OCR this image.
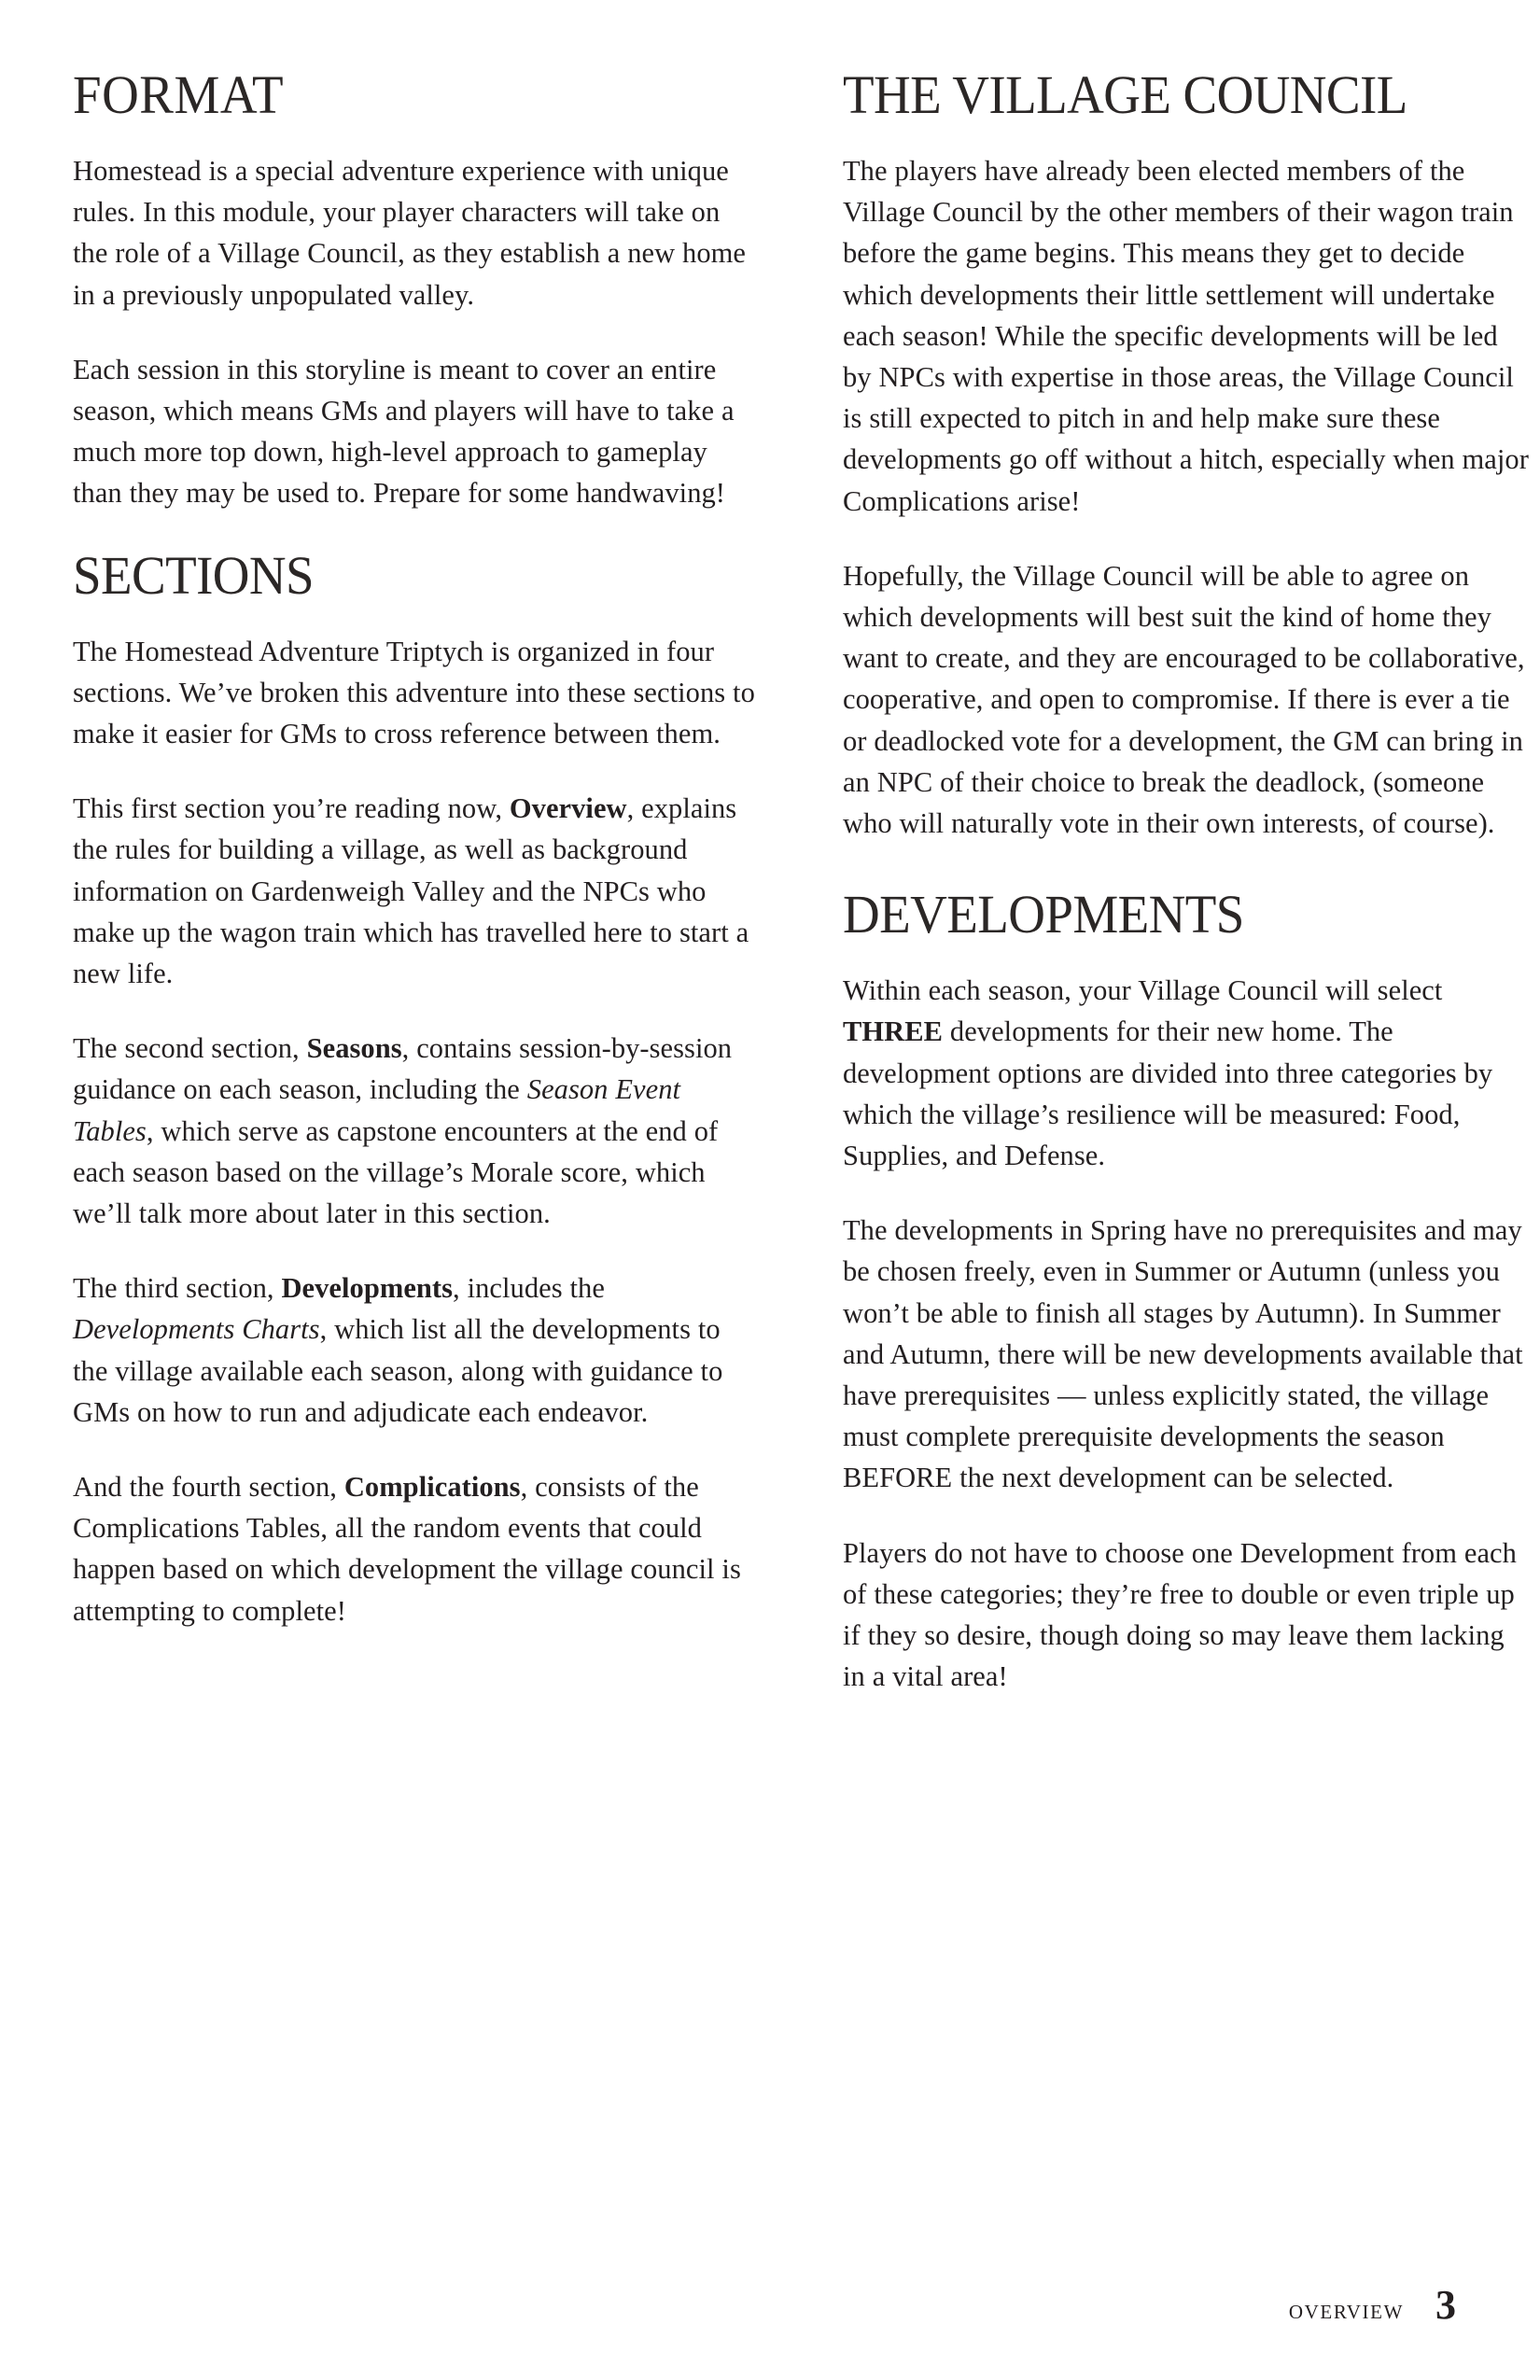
FORMAT

Homestead is a special adventure experience with unique rules. In this module, your player characters will take on the role of a Village Council, as they establish a new home in a previously unpopulated valley.

Each session in this storyline is meant to cover an entire season, which means GMs and players will have to take a much more top down, high-level approach to gameplay than they may be used to. Prepare for some handwaving!

SECTIONS

The Homestead Adventure Triptych is organized in four sections. We’ve broken this adventure into these sections to make it easier for GMs to cross reference between them.

This first section you’re reading now, Overview, explains the rules for building a village, as well as background information on Gardenweigh Valley and the NPCs who make up the wagon train which has travelled here to start a new life.

The second section, Seasons, contains session-by-session guidance on each season, including the Season Event Tables, which serve as capstone encounters at the end of each season based on the village’s Morale score, which we’ll talk more about later in this section.

The third section, Developments, includes the Developments Charts, which list all the developments to the village available each season, along with guidance to GMs on how to run and adjudicate each endeavor.

And the fourth section, Complications, consists of the Complications Tables, all the random events that could happen based on which development the village council is attempting to complete!

THE VILLAGE COUNCIL

The players have already been elected members of the Village Council by the other members of their wagon train before the game begins. This means they get to decide which developments their little settlement will undertake each season! While the specific developments will be led by NPCs with expertise in those areas, the Village Council is still expected to pitch in and help make sure these developments go off without a hitch, especially when major Complications arise!

Hopefully, the Village Council will be able to agree on which developments will best suit the kind of home they want to create, and they are encouraged to be collaborative, cooperative, and open to compromise. If there is ever a tie or deadlocked vote for a development, the GM can bring in an NPC of their choice to break the deadlock, (someone who will naturally vote in their own interests, of course).

DEVELOPMENTS

Within each season, your Village Council will select THREE developments for their new home. The development options are divided into three categories by which the village’s resilience will be measured: Food, Supplies, and Defense.

The developments in Spring have no prerequisites and may be chosen freely, even in Summer or Autumn (unless you won’t be able to finish all stages by Autumn). In Summer and Autumn, there will be new developments available that have prerequisites — unless explicitly stated, the village must complete prerequisite developments the season BEFORE the next development can be selected.

Players do not have to choose one Development from each of these categories; they’re free to double or even triple up if they so desire, though doing so may leave them lacking in a vital area!

overview 3
